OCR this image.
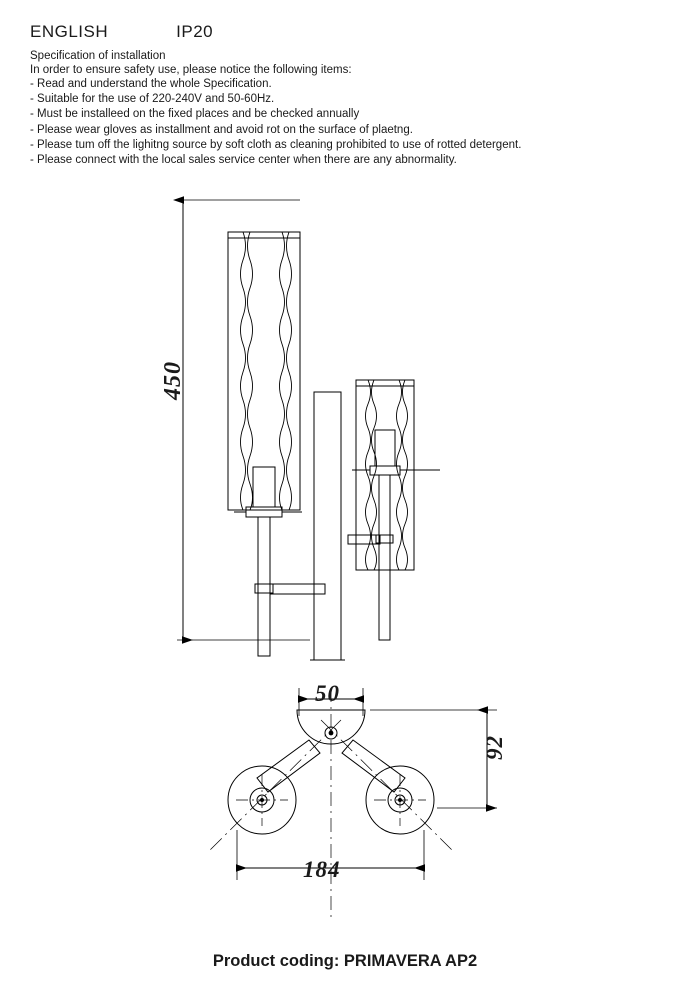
ENGLISH	IP20
Specification of installation
In order to ensure safety use, please notice the following items:
- Read and understand the whole Specification.
- Suitable for the use of 220-240V and 50-60Hz.
- Must be installeed on the fixed places and be checked annually
- Please wear gloves as installment and avoid rot on the surface of plaetng.
- Please tum off the lighitng source by soft cloth as cleaning prohibited to use of rotted detergent.
- Please connect with the local sales service center when there are any abnormality.
450
50
92
184
Product coding: PRIMAVERA AP2
